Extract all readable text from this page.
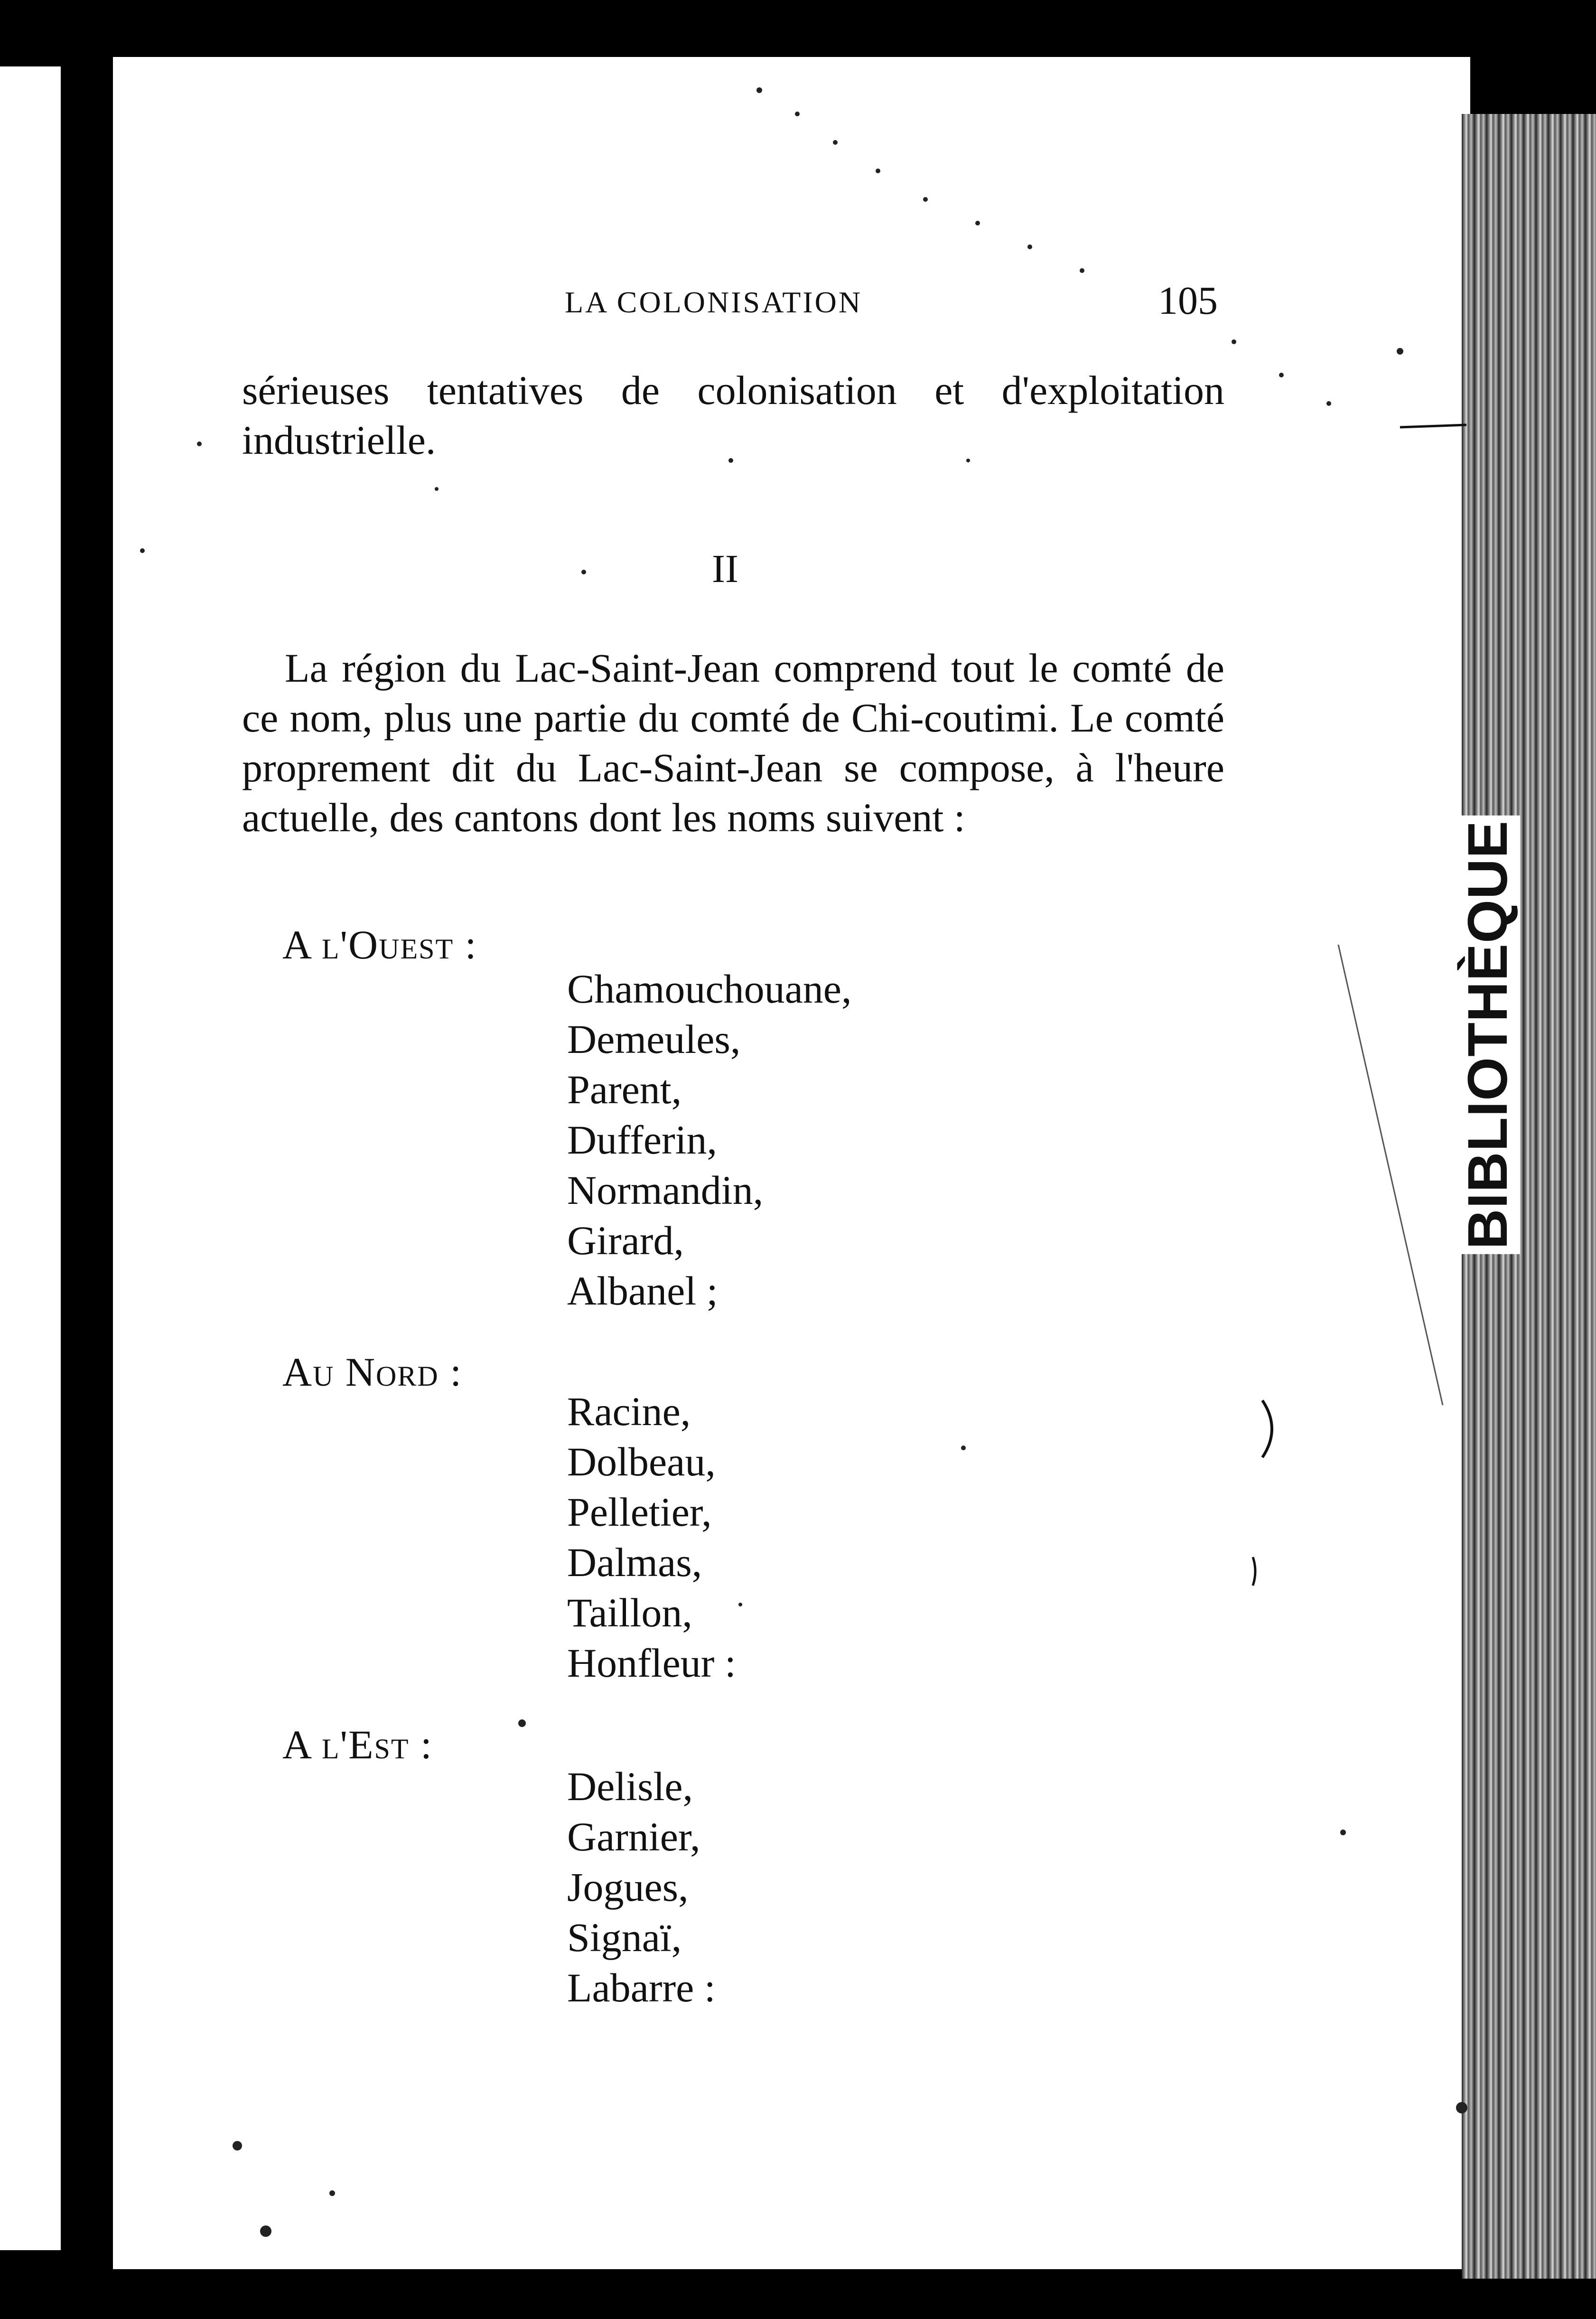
BIBLIOTHÈQUE
LA COLONISATION	105
sérieuses tentatives de colonisation et d'exploitation industrielle.
II
La région du Lac-Saint-Jean comprend tout le comté de ce nom, plus une partie du comté de Chi-coutimi. Le comté proprement dit du Lac-Saint-Jean se compose, à l'heure actuelle, des cantons dont les noms suivent :
A l'Ouest :
Chamouchouane,
Demeules,
Parent,
Dufferin,
Normandin,
Girard,
Albanel ;
Au Nord :
Racine,
Dolbeau,
Pelletier,
Dalmas,
Taillon,
Honfleur :
A l'Est :
Delisle,
Garnier,
Jogues,
Signaï,
Labarre :
